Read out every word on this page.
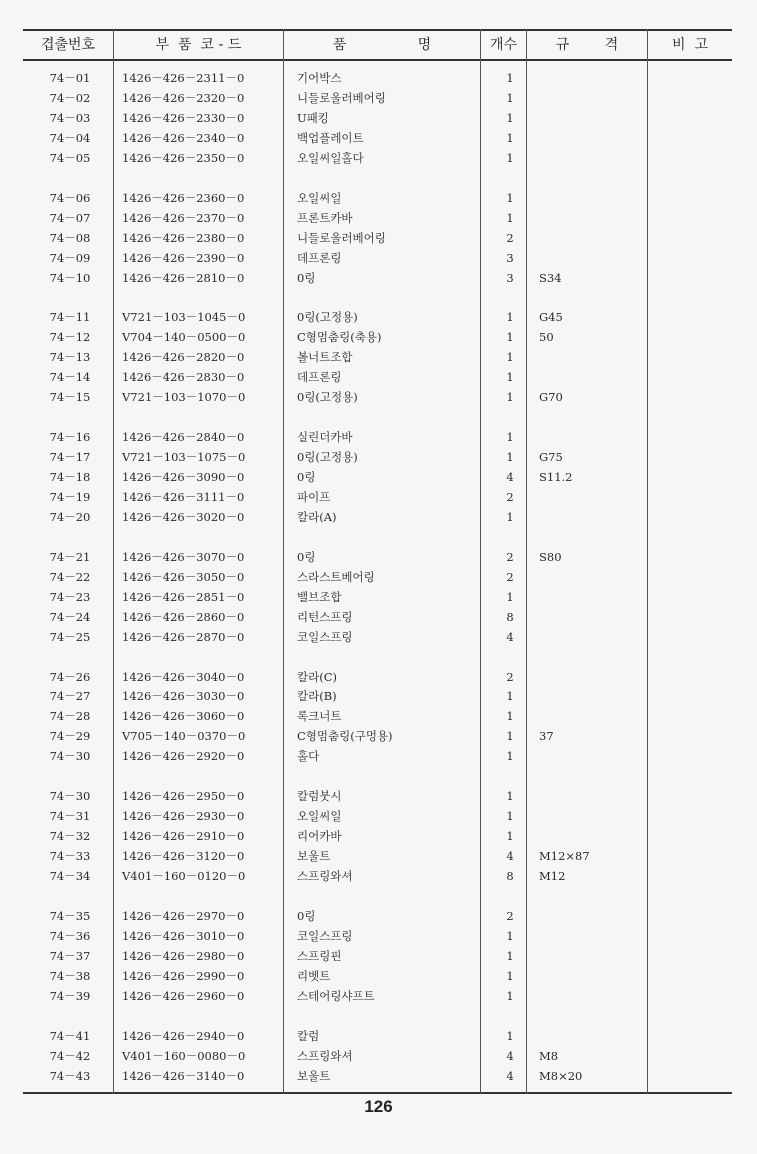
겹출번호	부  품  코 - 드	품                명	개수	규        격	비  고
74－01	1426－426－2311－0	기어박스	1
74－02	1426－426－2320－0	니들로울러베어링	1
74－03	1426－426－2330－0	U패킹	1
74－04	1426－426－2340－0	백업플레이트	1
74－05	1426－426－2350－0	오일씨일홀다	1
74－06	1426－426－2360－0	오일씨일	1
74－07	1426－426－2370－0	프론트카바	1
74－08	1426－426－2380－0	니들로울러베어링	2
74－09	1426－426－2390－0	데프론링	3
74－10	1426－426－2810－0	0링	3	S34
74－11	V721－103－1045－0	0링(고정용)	1	G45
74－12	V704－140－0500－0	C형멈춤링(축용)	1	50
74－13	1426－426－2820－0	볼너트조합	1
74－14	1426－426－2830－0	데프론링	1
74－15	V721－103－1070－0	0링(고정용)	1	G70
74－16	1426－426－2840－0	실린더카바	1
74－17	V721－103－1075－0	0링(고정용)	1	G75
74－18	1426－426－3090－0	0링	4	S11.2
74－19	1426－426－3111－0	파이프	2
74－20	1426－426－3020－0	칼라(A)	1
74－21	1426－426－3070－0	0링	2	S80
74－22	1426－426－3050－0	스라스트베어링	2
74－23	1426－426－2851－0	밸브조합	1
74－24	1426－426－2860－0	리턴스프링	8
74－25	1426－426－2870－0	코일스프링	4
74－26	1426－426－3040－0	칼라(C)	2
74－27	1426－426－3030－0	칼라(B)	1
74－28	1426－426－3060－0	록크너트	1
74－29	V705－140－0370－0	C형멈춤링(구멍용)	1	37
74－30	1426－426－2920－0	홀다	1
74－30	1426－426－2950－0	칼럼붓시	1
74－31	1426－426－2930－0	오일씨일	1
74－32	1426－426－2910－0	리어카바	1
74－33	1426－426－3120－0	보울트	4	M12×87
74－34	V401－160－0120－0	스프링와셔	8	M12
74－35	1426－426－2970－0	0링	2
74－36	1426－426－3010－0	코일스프링	1
74－37	1426－426－2980－0	스프링핀	1
74－38	1426－426－2990－0	리벳트	1
74－39	1426－426－2960－0	스테어링샤프트	1
74－41	1426－426－2940－0	칼럼	1
74－42	V401－160－0080－0	스프링와셔	4	M8
74－43	1426－426－3140－0	보울트	4	M8×20
126
